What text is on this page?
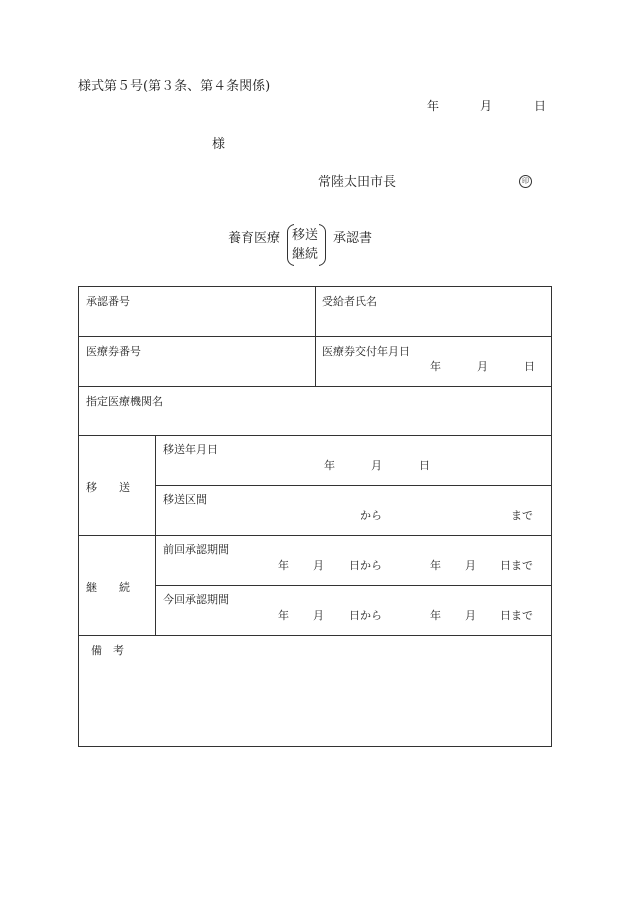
様式第５号(第３条、第４条関係)
年	月	日
様
常陸太田市長	印
養育医療 移送
継続
承認書
承認番号	受給者氏名
医療券番号	医療券交付年月日
年	月	日
指定医療機関名
移　　送
移送年月日
年	月	日
移送区間
から	まで
継　　続
前回承認期間
年 月 日から	年 月 日まで
今回承認期間
年 月 日から	年 月 日まで
備　考
